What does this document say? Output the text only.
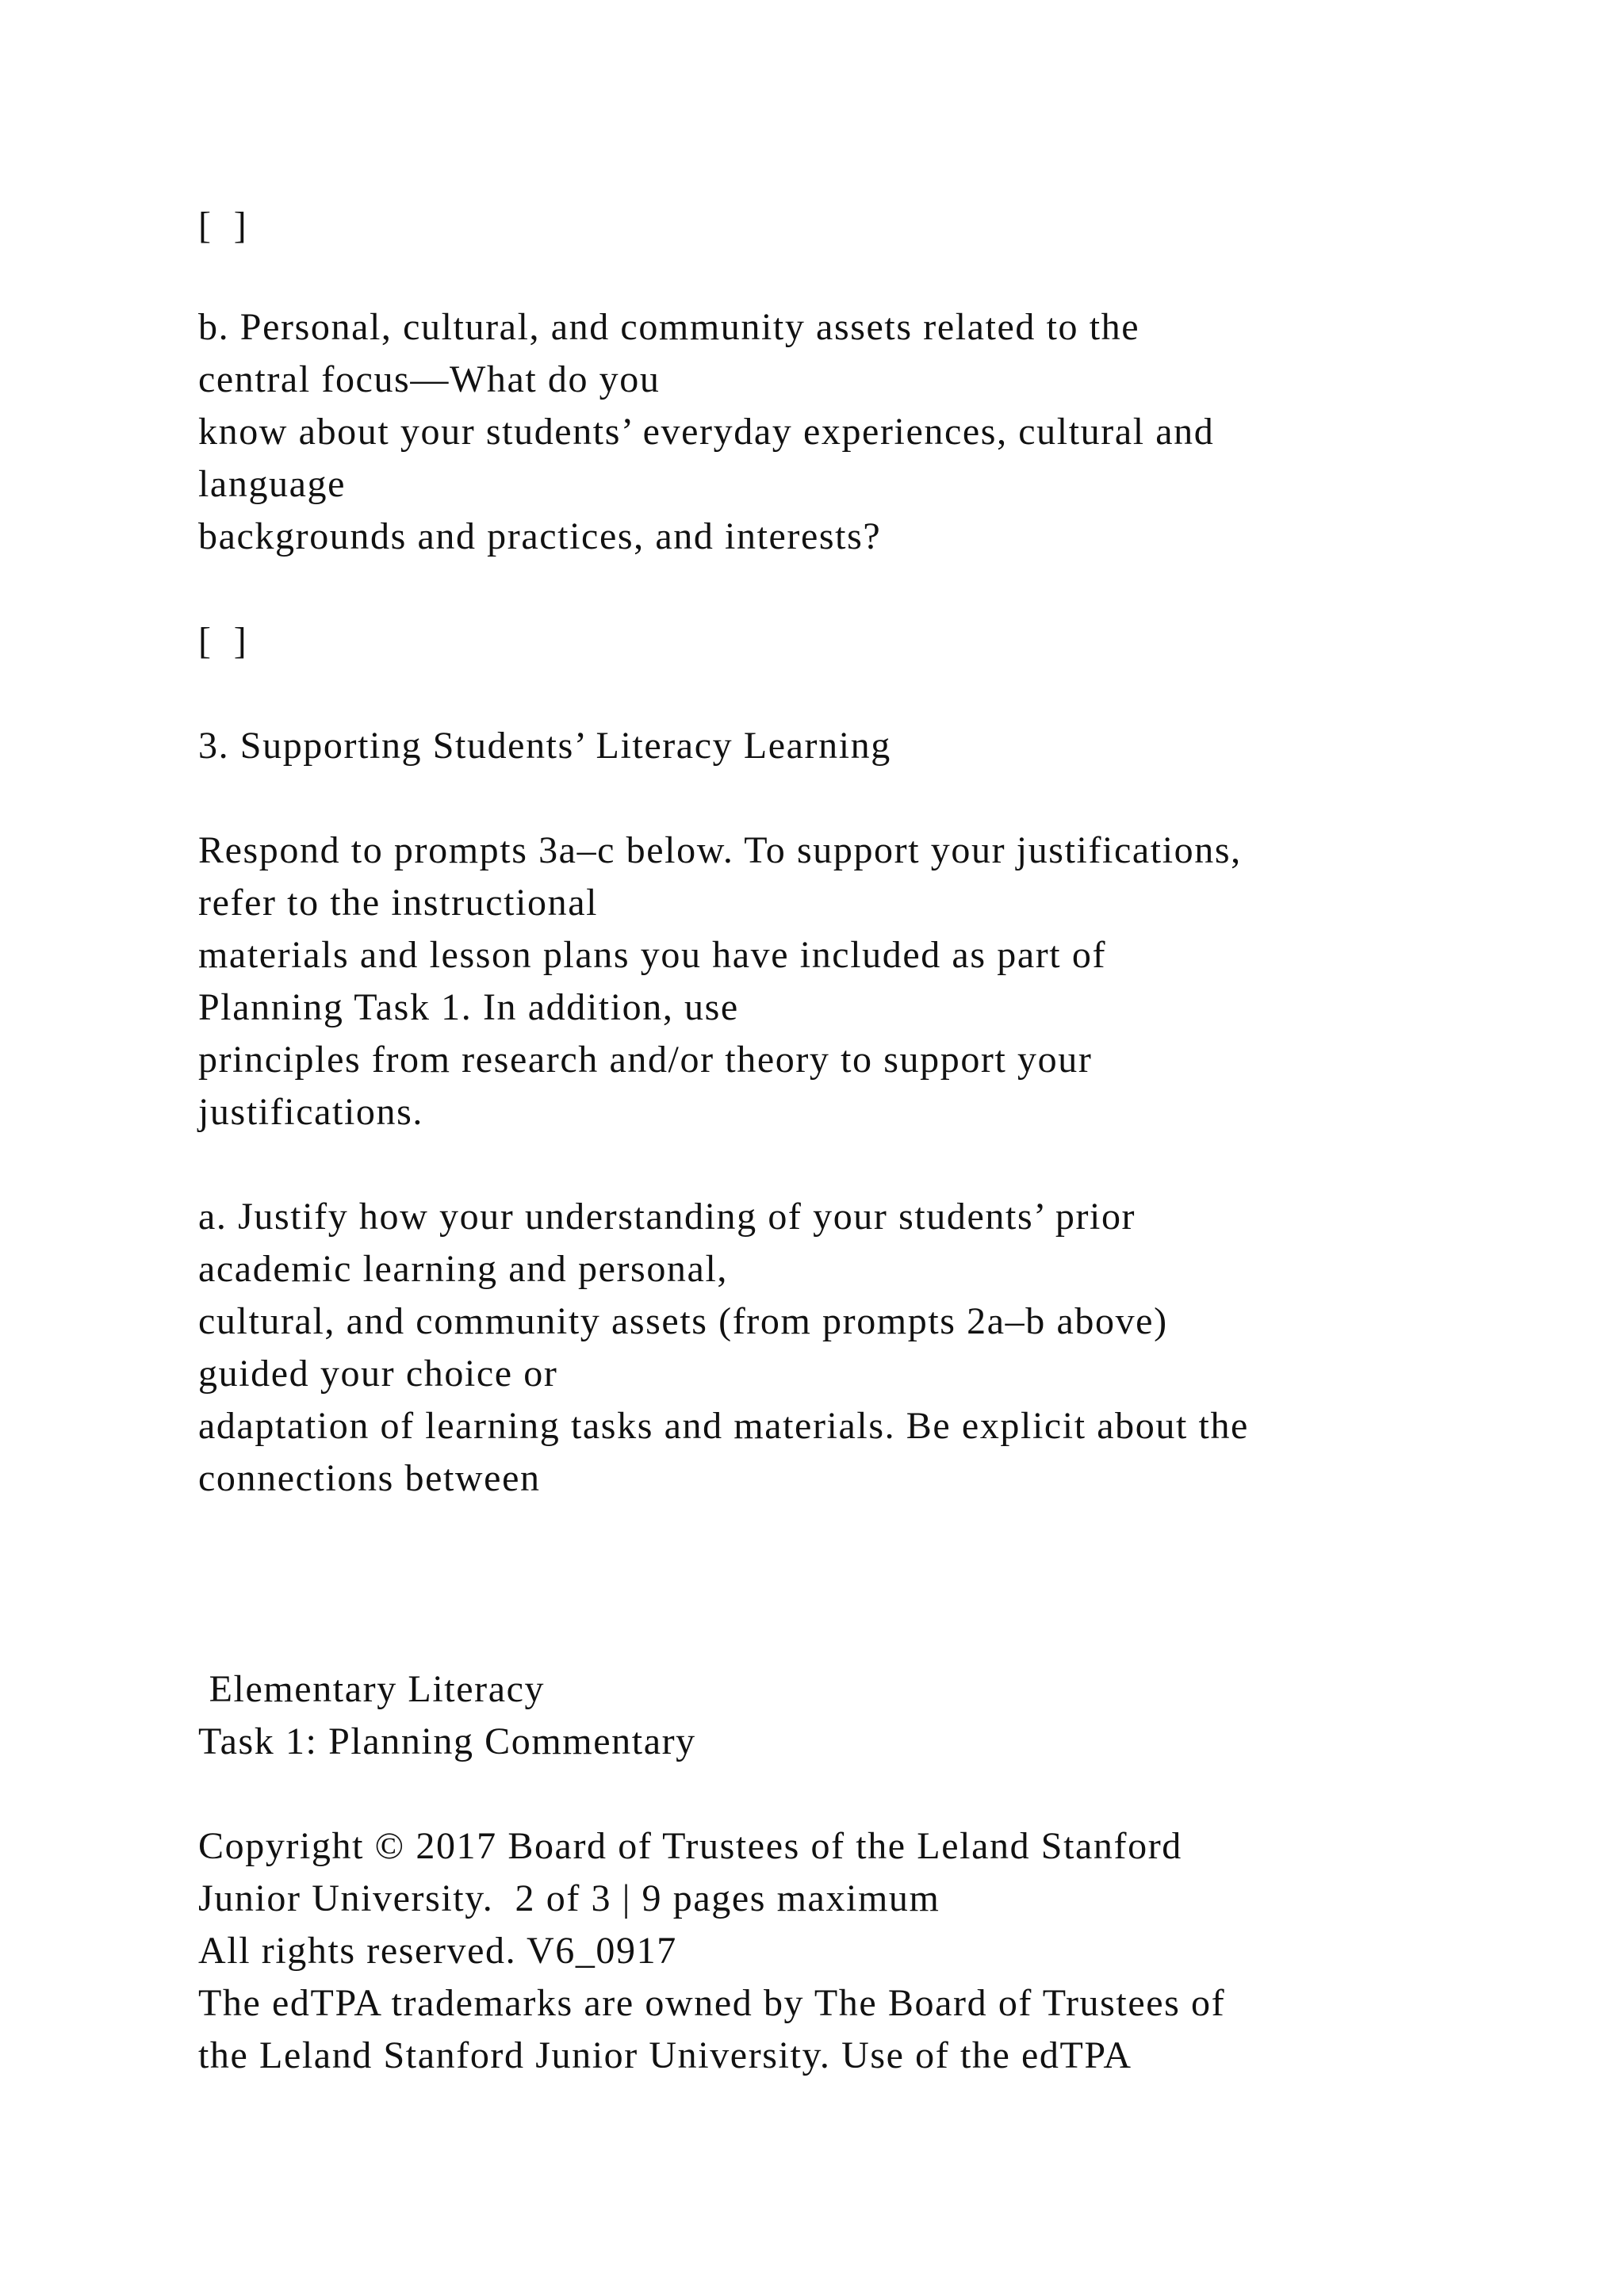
[  ]
b. Personal, cultural, and community assets related to the
central focus—What do you
know about your students’ everyday experiences, cultural and
language
backgrounds and practices, and interests?
[  ]
3. Supporting Students’ Literacy Learning
Respond to prompts 3a–c below. To support your justifications,
refer to the instructional
materials and lesson plans you have included as part of
Planning Task 1. In addition, use
principles from research and/or theory to support your
justifications.
a. Justify how your understanding of your students’ prior
academic learning and personal,
cultural, and community assets (from prompts 2a–b above)
guided your choice or
adaptation of learning tasks and materials. Be explicit about the
connections between
Elementary Literacy
Task 1: Planning Commentary
Copyright © 2017 Board of Trustees of the Leland Stanford
Junior University.  2 of 3 | 9 pages maximum
All rights reserved. V6_0917
The edTPA trademarks are owned by The Board of Trustees of
the Leland Stanford Junior University. Use of the edTPA
